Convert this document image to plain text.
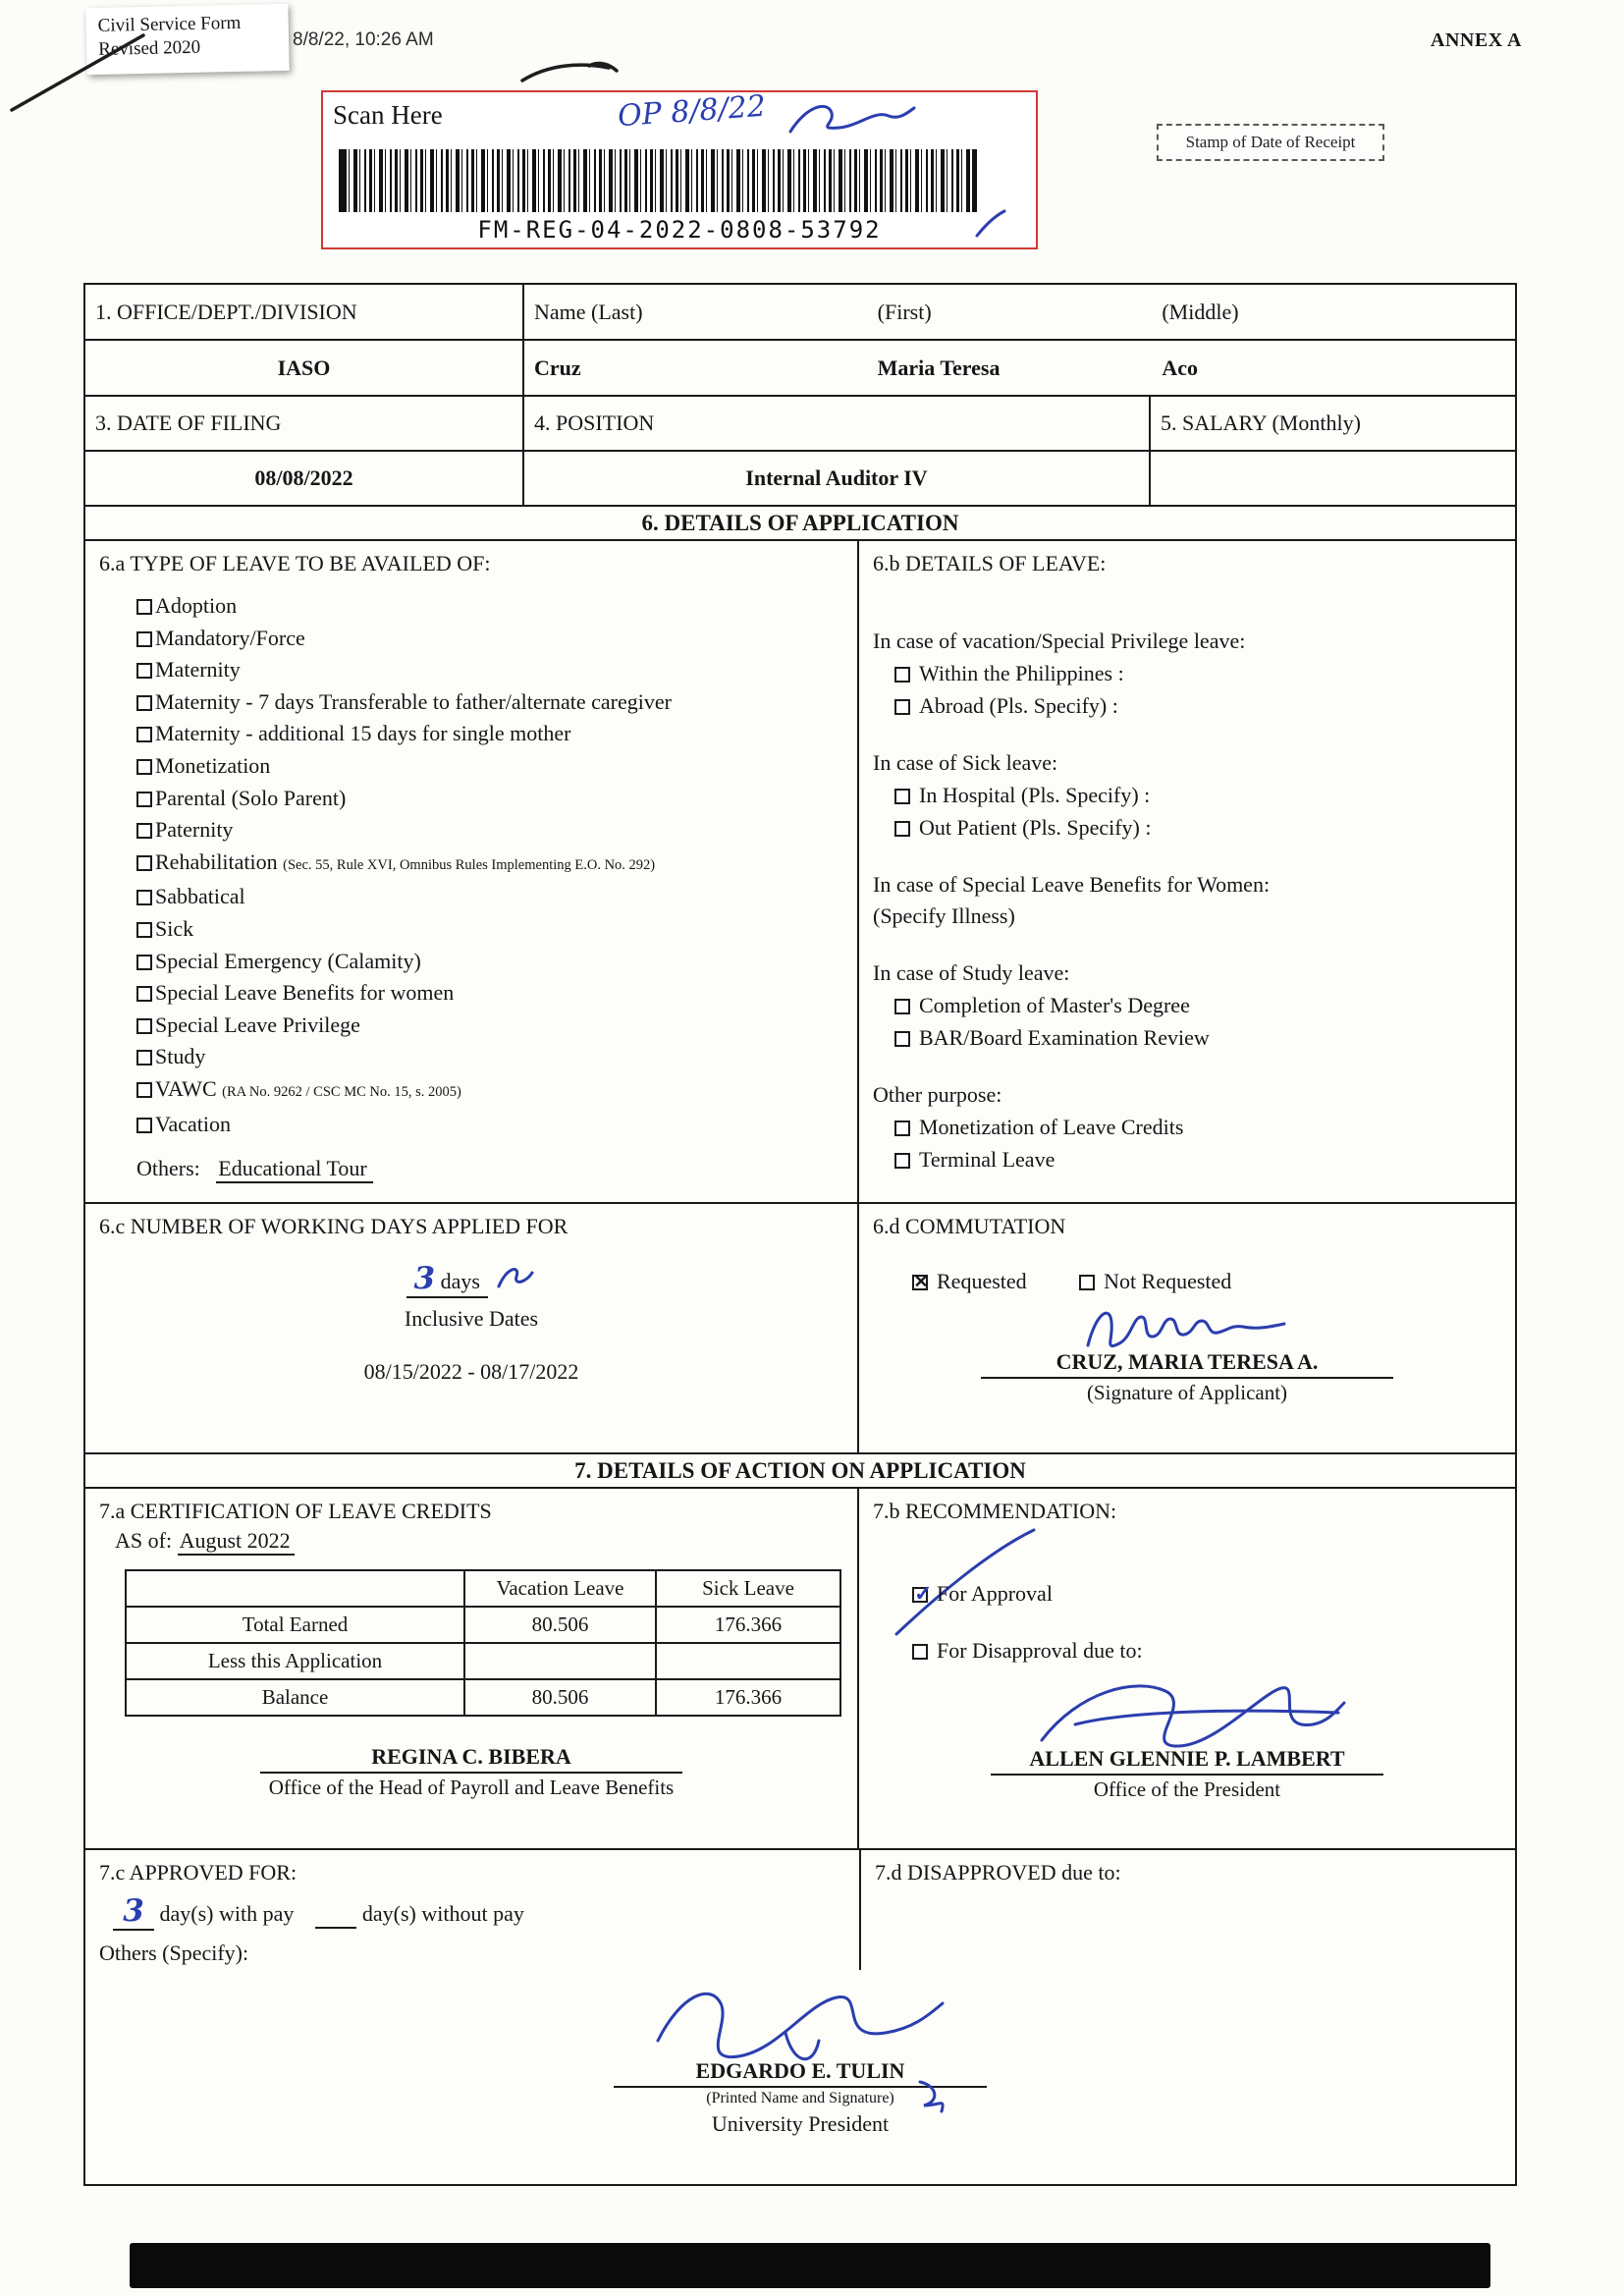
Civil Service Form
Revised 2020	8/8/22, 10:26 AM	ANNEX A
Stamp of Date of Receipt
Scan Here	OP 8/8/22
FM-REG-04-2022-0808-53792
1. OFFICE/DEPT./DIVISION	Name (Last)	(First)	(Middle)
IASO	Cruz	Maria Teresa	Aco
3. DATE OF FILING	4. POSITION	5. SALARY (Monthly)
08/08/2022	Internal Auditor IV
6. DETAILS OF APPLICATION
6.a TYPE OF LEAVE TO BE AVAILED OF:
Adoption
Mandatory/Force
Maternity
Maternity - 7 days Transferable to father/alternate caregiver
Maternity - additional 15 days for single mother
Monetization
Parental (Solo Parent)
Paternity
Rehabilitation (Sec. 55, Rule XVI, Omnibus Rules Implementing E.O. No. 292)
Sabbatical
Sick
Special Emergency (Calamity)
Special Leave Benefits for women
Special Leave Privilege
Study
VAWC (RA No. 9262 / CSC MC No. 15, s. 2005)
Vacation
Others: Educational Tour
6.b DETAILS OF LEAVE:
In case of vacation/Special Privilege leave:
Within the Philippines :
Abroad (Pls. Specify) :
In case of Sick leave:
In Hospital (Pls. Specify) :
Out Patient (Pls. Specify) :
In case of Special Leave Benefits for Women:
(Specify Illness)
In case of Study leave:
Completion of Master's Degree
BAR/Board Examination Review
Other purpose:
Monetization of Leave Credits
Terminal Leave
6.c NUMBER OF WORKING DAYS APPLIED FOR
3 days
Inclusive Dates
08/15/2022 - 08/17/2022
6.d COMMUTATION
✕ Requested	Not Requested
CRUZ, MARIA TERESA A.
(Signature of Applicant)
7. DETAILS OF ACTION ON APPLICATION
7.a CERTIFICATION OF LEAVE CREDITS
AS of: August 2022
	Vacation Leave	Sick Leave
Total Earned	80.506	176.366
Less this Application		
Balance	80.506	176.366
REGINA C. BIBERA
Office of the Head of Payroll and Leave Benefits
7.b RECOMMENDATION:
✓ For Approval
For Disapproval due to:
ALLEN GLENNIE P. LAMBERT
Office of the President
7.c APPROVED FOR:
3 day(s) with pay	day(s) without pay
Others (Specify):
7.d DISAPPROVED due to:
EDGARDO E. TULIN
(Printed Name and Signature)
University President
